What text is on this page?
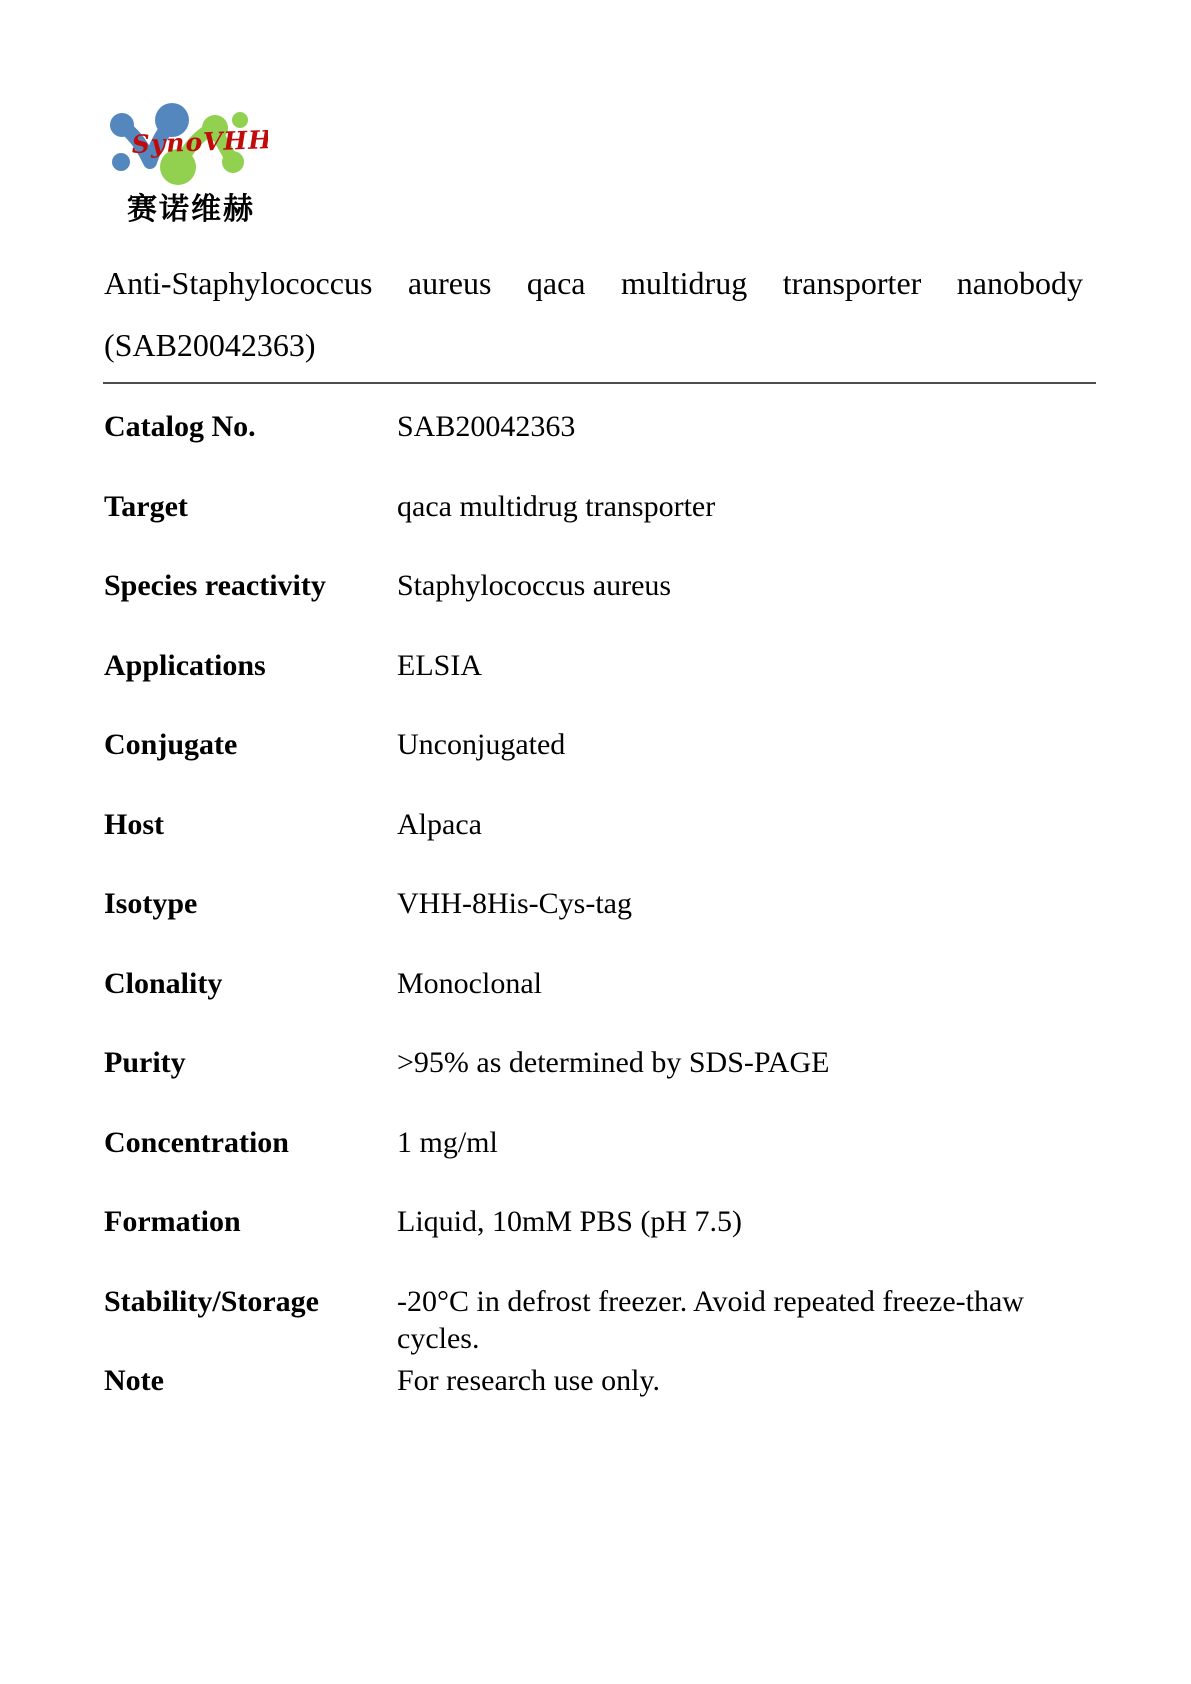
SynoVHH
赛诺维赫
Anti-Staphylococcus aureus qaca multidrug transporter nanobody
(SAB20042363)
Catalog No.	SAB20042363
Target	qaca multidrug transporter
Species reactivity	Staphylococcus aureus
Applications	ELSIA
Conjugate	Unconjugated
Host	Alpaca
Isotype	VHH-8His-Cys-tag
Clonality	Monoclonal
Purity	>95% as determined by SDS-PAGE
Concentration	1 mg/ml
Formation	Liquid, 10mM PBS (pH 7.5)
Stability/Storage	-20°C in defrost freezer. Avoid repeated freeze-thaw cycles.
Note	For research use only.
